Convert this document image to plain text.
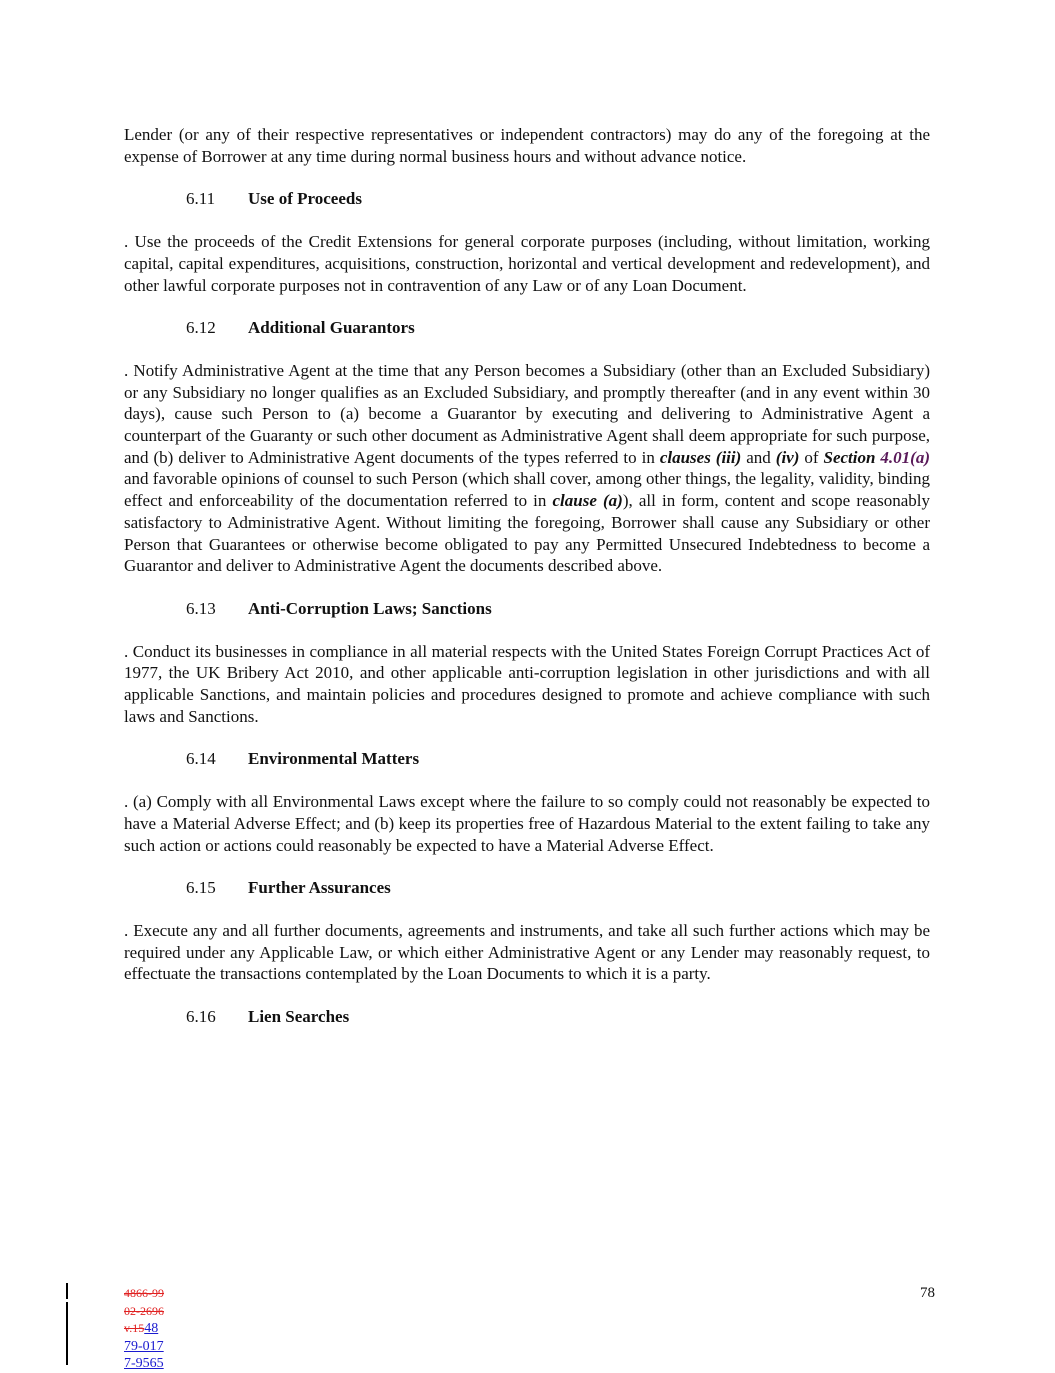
Lender (or any of their respective representatives or independent contractors) may do any of the foregoing at the expense of Borrower at any time during normal business hours and without advance notice.

6.11 Use of Proceeds

. Use the proceeds of the Credit Extensions for general corporate purposes (including, without limitation, working capital, capital expenditures, acquisitions, construction, horizontal and vertical development and redevelopment), and other lawful corporate purposes not in contravention of any Law or of any Loan Document.

6.12 Additional Guarantors

. Notify Administrative Agent at the time that any Person becomes a Subsidiary (other than an Excluded Subsidiary) or any Subsidiary no longer qualifies as an Excluded Subsidiary, and promptly thereafter (and in any event within 30 days), cause such Person to (a) become a Guarantor by executing and delivering to Administrative Agent a counterpart of the Guaranty or such other document as Administrative Agent shall deem appropriate for such purpose, and (b) deliver to Administrative Agent documents of the types referred to in clauses (iii) and (iv) of Section 4.01(a) and favorable opinions of counsel to such Person (which shall cover, among other things, the legality, validity, binding effect and enforceability of the documentation referred to in clause (a)), all in form, content and scope reasonably satisfactory to Administrative Agent. Without limiting the foregoing, Borrower shall cause any Subsidiary or other Person that Guarantees or otherwise become obligated to pay any Permitted Unsecured Indebtedness to become a Guarantor and deliver to Administrative Agent the documents described above.

6.13 Anti-Corruption Laws; Sanctions

. Conduct its businesses in compliance in all material respects with the United States Foreign Corrupt Practices Act of 1977, the UK Bribery Act 2010, and other applicable anti-corruption legislation in other jurisdictions and with all applicable Sanctions, and maintain policies and procedures designed to promote and achieve compliance with such laws and Sanctions.

6.14 Environmental Matters

. (a) Comply with all Environmental Laws except where the failure to so comply could not reasonably be expected to have a Material Adverse Effect; and (b) keep its properties free of Hazardous Material to the extent failing to take any such action or actions could reasonably be expected to have a Material Adverse Effect.

6.15 Further Assurances

. Execute any and all further documents, agreements and instruments, and take all such further actions which may be required under any Applicable Law, or which either Administrative Agent or any Lender may reasonably request, to effectuate the transactions contemplated by the Loan Documents to which it is a party.

6.16 Lien Searches
4866-99
02-2696
v.1548
79-017
7-9565
78
